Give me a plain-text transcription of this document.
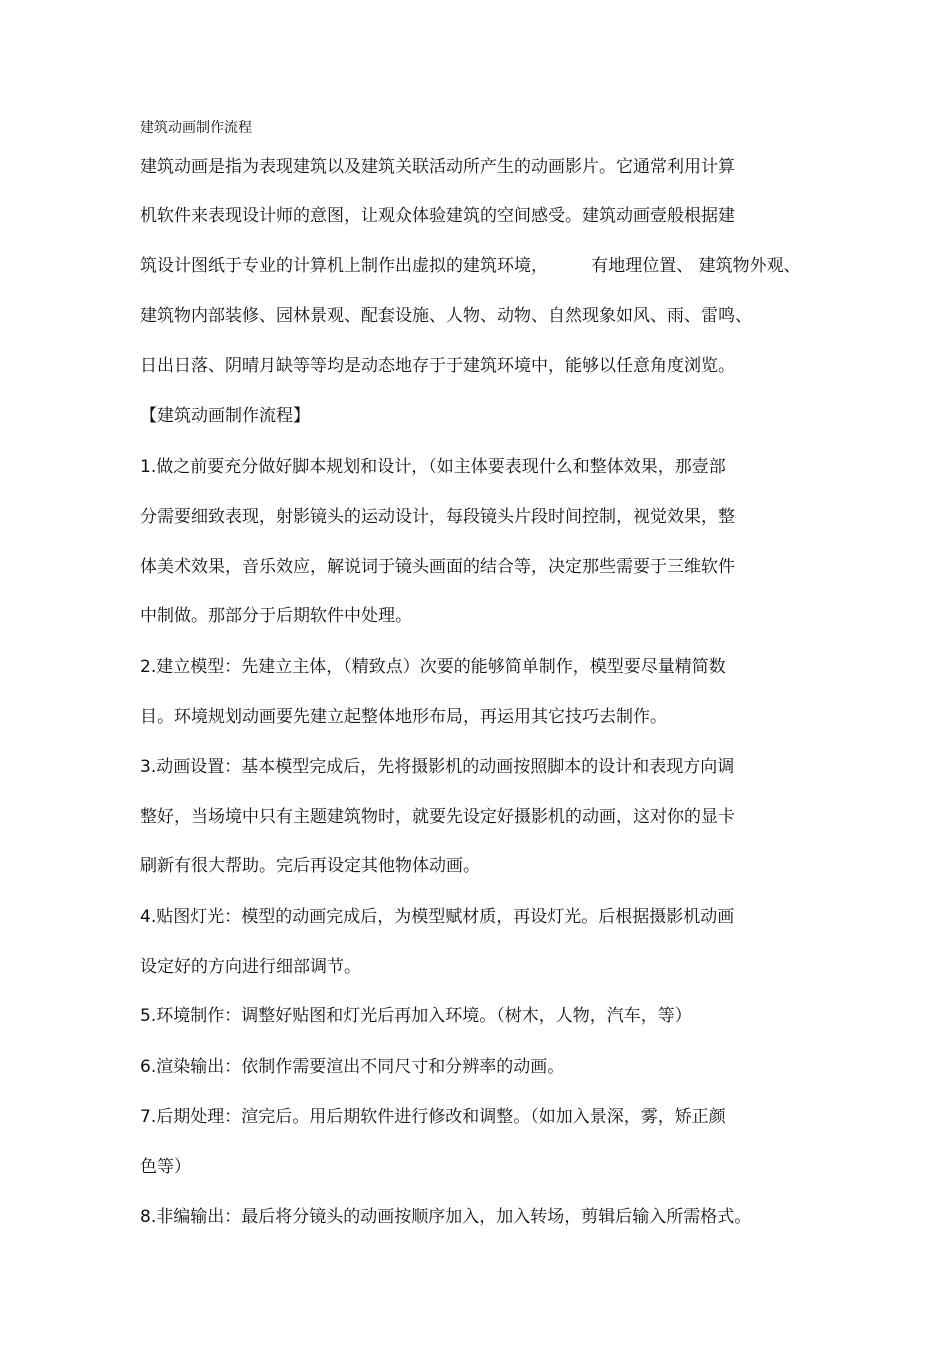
建筑动画制作流程
建筑动画是指为表现建筑以及建筑关联活动所产生的动画影片。它通常利用计算
机软件来表现设计师的意图，让观众体验建筑的空间感受。建筑动画壹般根据建
筑设计图纸于专业的计算机上制作出虚拟的建筑环境，        有地理位置、 建筑物外观、
建筑物内部装修、园林景观、配套设施、人物、动物、自然现象如风、雨、雷鸣、
日出日落、阴晴月缺等等均是动态地存于于建筑环境中，能够以任意角度浏览。
【建筑动画制作流程】
1.做之前要充分做好脚本规划和设计，（如主体要表现什么和整体效果，那壹部
分需要细致表现，射影镜头的运动设计，每段镜头片段时间控制，视觉效果，整
体美术效果，音乐效应，解说词于镜头画面的结合等，决定那些需要于三维软件
中制做。那部分于后期软件中处理。
2.建立模型：先建立主体，（精致点）次要的能够简单制作，模型要尽量精简数
目。环境规划动画要先建立起整体地形布局，再运用其它技巧去制作。
3.动画设置：基本模型完成后，先将摄影机的动画按照脚本的设计和表现方向调
整好，当场境中只有主题建筑物时，就要先设定好摄影机的动画，这对你的显卡
刷新有很大帮助。完后再设定其他物体动画。
4.贴图灯光：模型的动画完成后，为模型赋材质，再设灯光。后根据摄影机动画
设定好的方向进行细部调节。
5.环境制作：调整好贴图和灯光后再加入环境。（树木，人物，汽车，等）
6.渲染输出：依制作需要渲出不同尺寸和分辨率的动画。
7.后期处理：渲完后。用后期软件进行修改和调整。（如加入景深，雾，矫正颜
色等）
8.非编输出：最后将分镜头的动画按顺序加入，加入转场，剪辑后输入所需格式。
